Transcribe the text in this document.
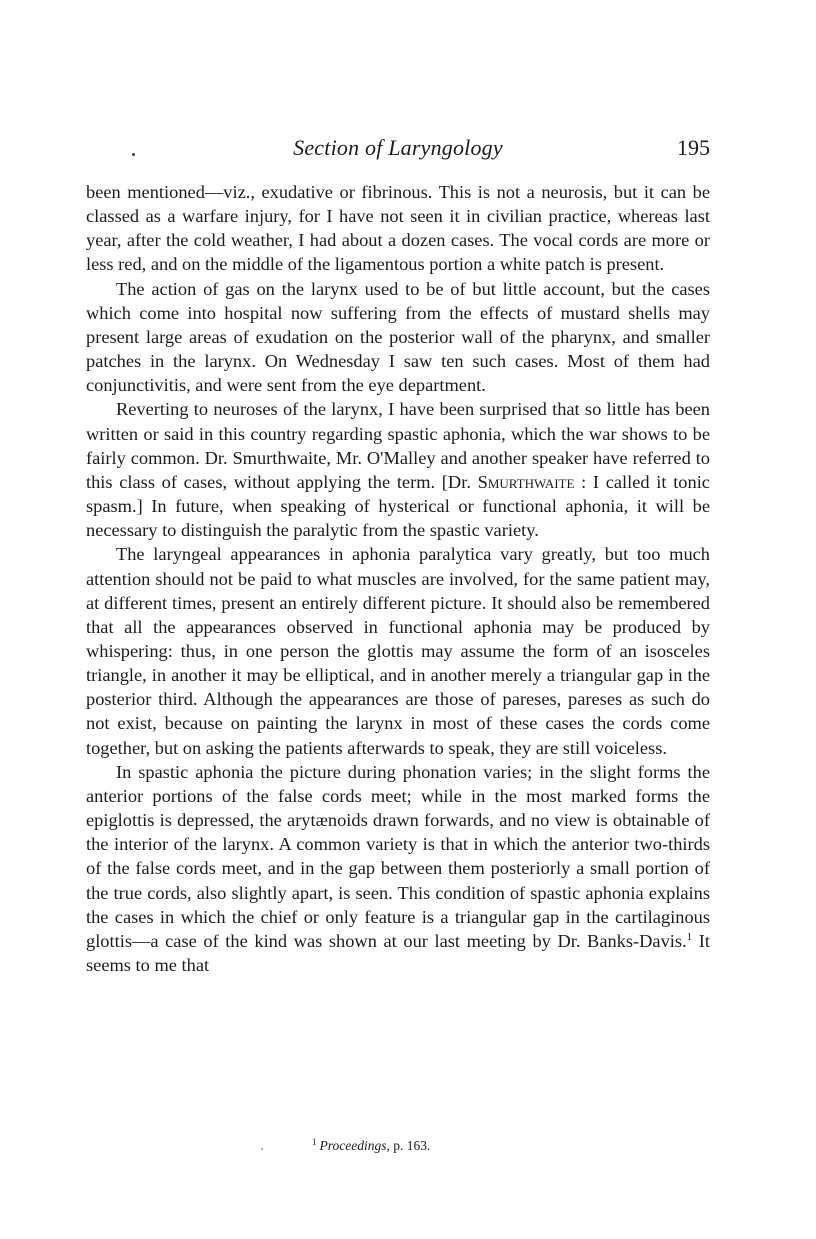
Section of Laryngology	195

been mentioned—viz., exudative or fibrinous. This is not a neurosis, but it can be classed as a warfare injury, for I have not seen it in civilian practice, whereas last year, after the cold weather, I had about a dozen cases. The vocal cords are more or less red, and on the middle of the ligamentous portion a white patch is present.

The action of gas on the larynx used to be of but little account, but the cases which come into hospital now suffering from the effects of mustard shells may present large areas of exudation on the posterior wall of the pharynx, and smaller patches in the larynx. On Wednesday I saw ten such cases. Most of them had conjunctivitis, and were sent from the eye department.

Reverting to neuroses of the larynx, I have been surprised that so little has been written or said in this country regarding spastic aphonia, which the war shows to be fairly common. Dr. Smurthwaite, Mr. O'Malley and another speaker have referred to this class of cases, without applying the term. [Dr. Smurthwaite : I called it tonic spasm.] In future, when speaking of hysterical or functional aphonia, it will be necessary to distinguish the paralytic from the spastic variety.

The laryngeal appearances in aphonia paralytica vary greatly, but too much attention should not be paid to what muscles are involved, for the same patient may, at different times, present an entirely different picture. It should also be remembered that all the appearances observed in functional aphonia may be produced by whispering: thus, in one person the glottis may assume the form of an isosceles triangle, in another it may be elliptical, and in another merely a triangular gap in the posterior third. Although the appearances are those of pareses, pareses as such do not exist, because on painting the larynx in most of these cases the cords come together, but on asking the patients afterwards to speak, they are still voiceless.

In spastic aphonia the picture during phonation varies; in the slight forms the anterior portions of the false cords meet; while in the most marked forms the epiglottis is depressed, the arytænoids drawn forwards, and no view is obtainable of the interior of the larynx. A common variety is that in which the anterior two-thirds of the false cords meet, and in the gap between them posteriorly a small portion of the true cords, also slightly apart, is seen. This condition of spastic aphonia explains the cases in which the chief or only feature is a triangular gap in the cartilaginous glottis—a case of the kind was shown at our last meeting by Dr. Banks-Davis.$^1$ It seems to me that

$^1$ Proceedings, p. 163.
